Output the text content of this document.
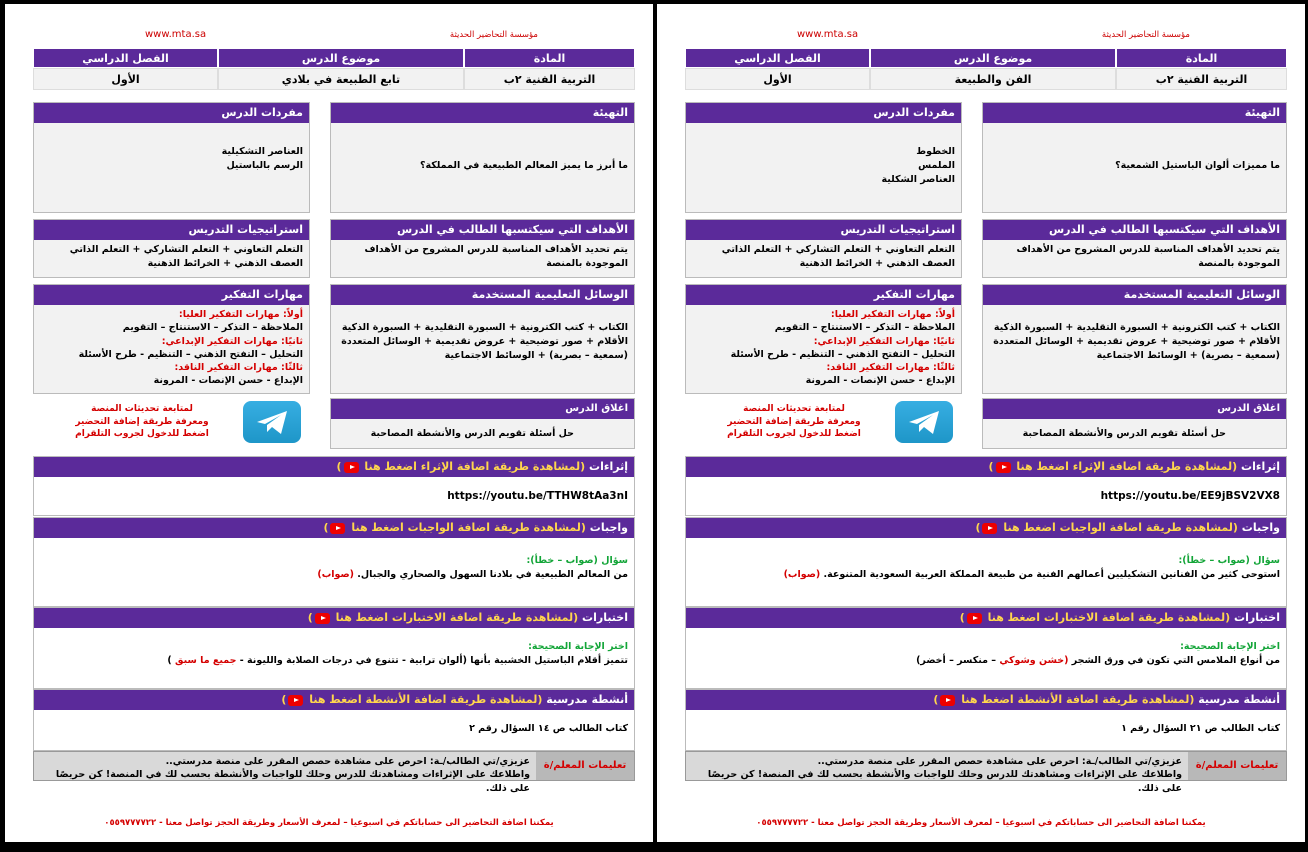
مؤسسة التحاضير الحديثة
www.mta.sa
المادة
موضوع الدرس
الفصل الدراسي
التربية الفنية ٢ب
الفن والطبيعة
الأول
التهيئة
ما مميزات ألوان الباستيل الشمعية؟
مفردات الدرس
الخطوط
الملمس
العناصر الشكلية
الأهداف التي سيكتسبها الطالب في الدرس
يتم تحديد الأهداف المناسبة للدرس المشروح من الأهداف الموجودة بالمنصة
استراتيجيات التدريس
التعلم التعاوني + التعلم التشاركي + التعلم الذاتي العصف الذهني + الخرائط الذهنية
الوسائل التعليمية المستخدمة
الكتاب + كتب الكترونية + السبورة التقليدية + السبورة الذكية الأقلام + صور توضيحية + عروض تقديمية + الوسائل المتعددة (سمعية – بصرية) + الوسائط الاجتماعية
مهارات التفكير
أولاً: مهارات التفكير العليا:
الملاحظة – التذكر – الاستنتاج – التقويم
ثانيًا: مهارات التفكير الإبداعي:
التحليل – التفتح الذهني – التنظيم - طرح الأسئلة
ثالثًا: مهارات التفكير الناقد:
الإبداع - حسن الإنصات - المرونة
اغلاق الدرس
حل أسئلة تقويم الدرس والأنشطة المصاحبة
لمتابعة تحديثات المنصة
ومعرفة طريقة إضافة التحضير
اضغط للدخول لجروب التلقرام
إثراءات (لمشاهدة طريقة اضافة الإثراء اضغط هنا )
https://youtu.be/EE9jBSV2VX8
واجبات (لمشاهدة طريقة اضافة الواجبات اضغط هنا )
سؤال (صواب – خطأ):
استوحى كثير من الفنانين التشكيليين أعمالهم الفنية من طبيعة المملكة العربية السعودية المتنوعة. (صواب)
اختبارات (لمشاهدة طريقة اضافة الاختبارات اضغط هنا )
اختر الإجابة الصحيحة:
من أنواع الملامس التي تكون في ورق الشجر (خشن وشوكي – منكسر – أخضر)
أنشطة مدرسية (لمشاهدة طريقة اضافة الأنشطة اضغط هنا )
كتاب الطالب ص ٢١ السؤال رقم ١
تعليمات المعلم/ة
عزيزي/تي الطالب/ـة: احرص على مشاهدة حصص المقرر على منصة مدرستي..
واطلاعك على الإثراءات ومشاهدتك للدرس وحلك للواجبات والأنشطة بحسب لك في المنصة! كن حريصًا على ذلك.
يمكننا اضافة التحاضير الى حساباتكم في اسبوعيا – لمعرف الأسعار وطريقة الحجز تواصل معنا - ٠٥٥٩٧٧٧٧٢٢
مؤسسة التحاضير الحديثة
www.mta.sa
المادة
موضوع الدرس
الفصل الدراسي
التربية الفنية ٢ب
تابع الطبيعة في بلادي
الأول
التهيئة
ما أبرز ما يميز المعالم الطبيعية في المملكة؟
مفردات الدرس
العناصر التشكيلية
الرسم بالباستيل
الأهداف التي سيكتسبها الطالب في الدرس
يتم تحديد الأهداف المناسبة للدرس المشروح من الأهداف الموجودة بالمنصة
استراتيجيات التدريس
التعلم التعاوني + التعلم التشاركي + التعلم الذاتي العصف الذهني + الخرائط الذهنية
الوسائل التعليمية المستخدمة
الكتاب + كتب الكترونية + السبورة التقليدية + السبورة الذكية الأقلام + صور توضيحية + عروض تقديمية + الوسائل المتعددة (سمعية – بصرية) + الوسائط الاجتماعية
مهارات التفكير
أولاً: مهارات التفكير العليا:
الملاحظة – التذكر – الاستنتاج – التقويم
ثانيًا: مهارات التفكير الإبداعي:
التحليل – التفتح الذهني – التنظيم - طرح الأسئلة
ثالثًا: مهارات التفكير الناقد:
الإبداع - حسن الإنصات - المرونة
اغلاق الدرس
حل أسئلة تقويم الدرس والأنشطة المصاحبة
لمتابعة تحديثات المنصة
ومعرفة طريقة إضافة التحضير
اضغط للدخول لجروب التلقرام
إثراءات (لمشاهدة طريقة اضافة الإثراء اضغط هنا )
https://youtu.be/TTHW8tAa3nI
واجبات (لمشاهدة طريقة اضافة الواجبات اضغط هنا )
سؤال (صواب – خطأ):
من المعالم الطبيعية في بلادنا السهول والصحاري والجبال. (صواب)
اختبارات (لمشاهدة طريقة اضافة الاختبارات اضغط هنا )
اختر الإجابة الصحيحة:
تتميز أقلام الباستيل الخشبية بأنها (ألوان ترابية - تتنوع في درجات الصلابة والليونة - جميع ما سبق )
أنشطة مدرسية (لمشاهدة طريقة اضافة الأنشطة اضغط هنا )
كتاب الطالب ص ١٤ السؤال رقم ٢
تعليمات المعلم/ة
عزيزي/تي الطالب/ـة: احرص على مشاهدة حصص المقرر على منصة مدرستي..
واطلاعك على الإثراءات ومشاهدتك للدرس وحلك للواجبات والأنشطة بحسب لك في المنصة! كن حريصًا على ذلك.
يمكننا اضافة التحاضير الى حساباتكم في اسبوعيا – لمعرف الأسعار وطريقة الحجز تواصل معنا - ٠٥٥٩٧٧٧٧٢٢
